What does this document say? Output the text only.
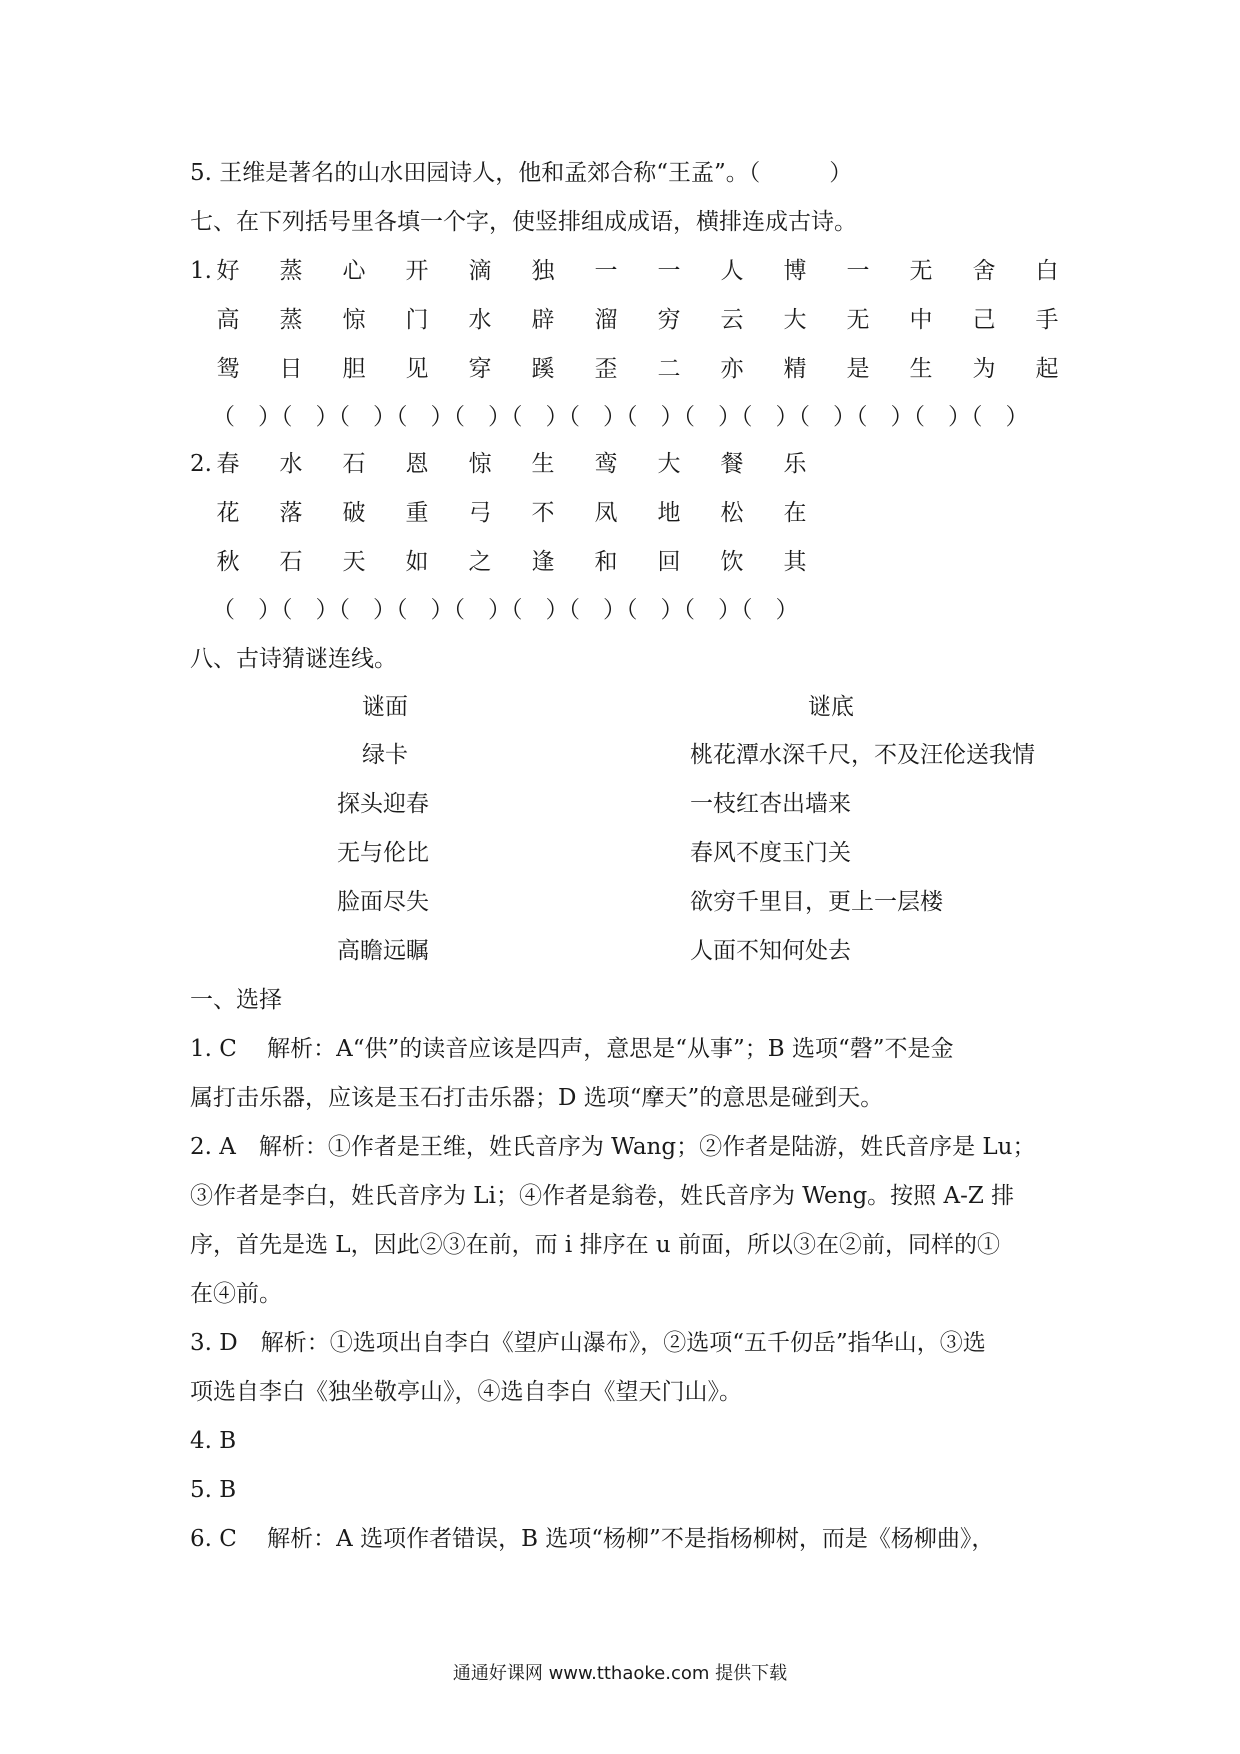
5. 王维是著名的山水田园诗人，他和孟郊合称“王孟”。（　　　）
七、在下列括号里各填一个字，使竖排组成成语，横排连成古诗。
1. 好 蒸 心 开 滴 独 一 一 人 博 一 无 舍 白
高 蒸 惊 门 水 辟 溜 穷 云 大 无 中 己 手
鸳 日 胆 见 穿 蹊 歪 二 亦 精 是 生 为 起
（　）（　）（　）（　）（　）（　）（　）（　）（　）（　）（　）（　）（　）（　）
2. 春 水 石 恩 惊 生 鸾 大 餐 乐
花 落 破 重 弓 不 凤 地 松 在
秋 石 天 如 之 逢 和 回 饮 其
（　）（　）（　）（　）（　）（　）（　）（　）（　）（　）
八、古诗猜谜连线。
谜面	谜底
绿卡
探头迎春
无与伦比
脸面尽失
高瞻远瞩
桃花潭水深千尺，不及汪伦送我情
一枝红杏出墙来
春风不度玉门关
欲穷千里目，更上一层楼
人面不知何处去
一、选择
1. C　 解析：A“供”的读音应该是四声，意思是“从事”；B 选项“磬”不是金
属打击乐器，应该是玉石打击乐器；D 选项“摩天”的意思是碰到天。
2. A　解析：①作者是王维，姓氏音序为 Wang；②作者是陆游，姓氏音序是 Lu；
③作者是李白，姓氏音序为 Li；④作者是翁卷，姓氏音序为 Weng。按照 A-Z 排
序，首先是选 L，因此②③在前，而 i 排序在 u 前面，所以③在②前，同样的①
在④前。
3. D　解析：①选项出自李白《望庐山瀑布》，②选项“五千仞岳”指华山，③选
项选自李白《独坐敬亭山》，④选自李白《望天门山》。
4. B
5. B
6. C　 解析：A 选项作者错误，B 选项“杨柳”不是指杨柳树，而是《杨柳曲》，
通通好课网 www.tthaoke.com 提供下载
